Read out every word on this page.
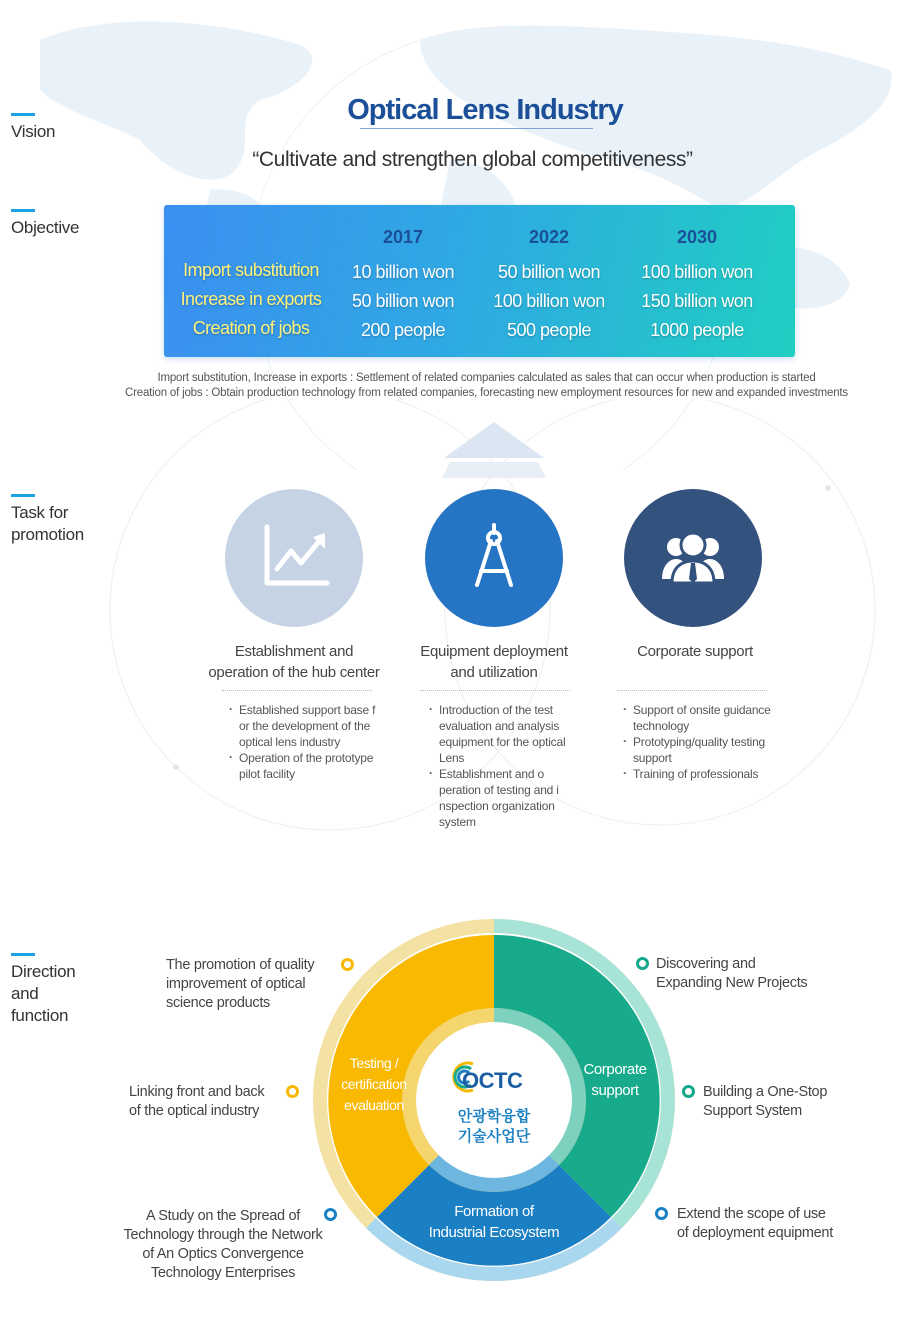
Vision
Objective
Task for
promotion
Direction
and
function
Optical Lens Industry
“Cultivate and strengthen global competitiveness”
2017	2022	2030
Import substitution	10 billion won	50 billion won	100 billion won
Increase in exports	50 billion won	100 billion won	150 billion won
Creation of jobs	200 people	500 people	1000 people
Import substitution, Increase in exports : Settlement of related companies calculated as sales that can occur when production is started
Creation of jobs : Obtain production technology from related companies, forecasting new employment resources for new and expanded investments
Establishment and
operation of the hub center
· Established support base f or the development of the optical lens industry
· Operation of the prototype pilot facility
Equipment deployment
and utilization
· Introduction of the test evaluation and analysis equipment for the optical Lens
· Establishment and o peration of testing and i nspection organization system
Corporate support
· Support of onsite guidance technology
· Prototyping/quality testing support
· Training of professionals
Testing /
certification
evaluation
Corporate
support
Formation of
Industrial Ecosystem
OCTC
안광학융합
기술사업단
The promotion of quality
improvement of optical
science products
Linking front and back
of the optical industry
A Study on the Spread of
Technology through the Network
of An Optics Convergence
Technology Enterprises
Discovering and
Expanding New Projects
Building a One-Stop
Support System
Extend the scope of use
of deployment equipment
